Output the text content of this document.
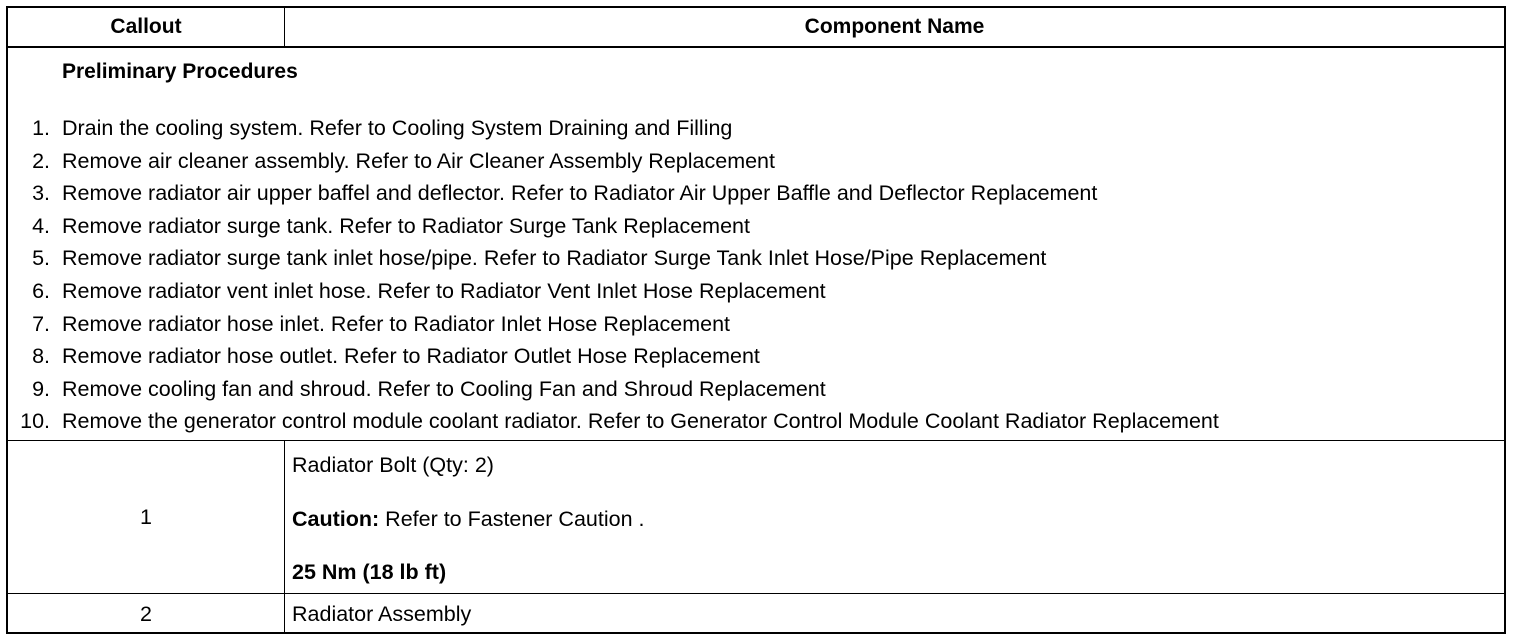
Callout	Component Name
Preliminary Procedures
1. Drain the cooling system. Refer to Cooling System Draining and Filling
2. Remove air cleaner assembly. Refer to Air Cleaner Assembly Replacement
3. Remove radiator air upper baffel and deflector. Refer to Radiator Air Upper Baffle and Deflector Replacement
4. Remove radiator surge tank. Refer to Radiator Surge Tank Replacement
5. Remove radiator surge tank inlet hose/pipe. Refer to Radiator Surge Tank Inlet Hose/Pipe Replacement
6. Remove radiator vent inlet hose. Refer to Radiator Vent Inlet Hose Replacement
7. Remove radiator hose inlet. Refer to Radiator Inlet Hose Replacement
8. Remove radiator hose outlet. Refer to Radiator Outlet Hose Replacement
9. Remove cooling fan and shroud. Refer to Cooling Fan and Shroud Replacement
10. Remove the generator control module coolant radiator. Refer to Generator Control Module Coolant Radiator Replacement
1
Radiator Bolt (Qty: 2)
Caution: Refer to Fastener Caution .
25 Nm (18 lb ft)
2	Radiator Assembly
